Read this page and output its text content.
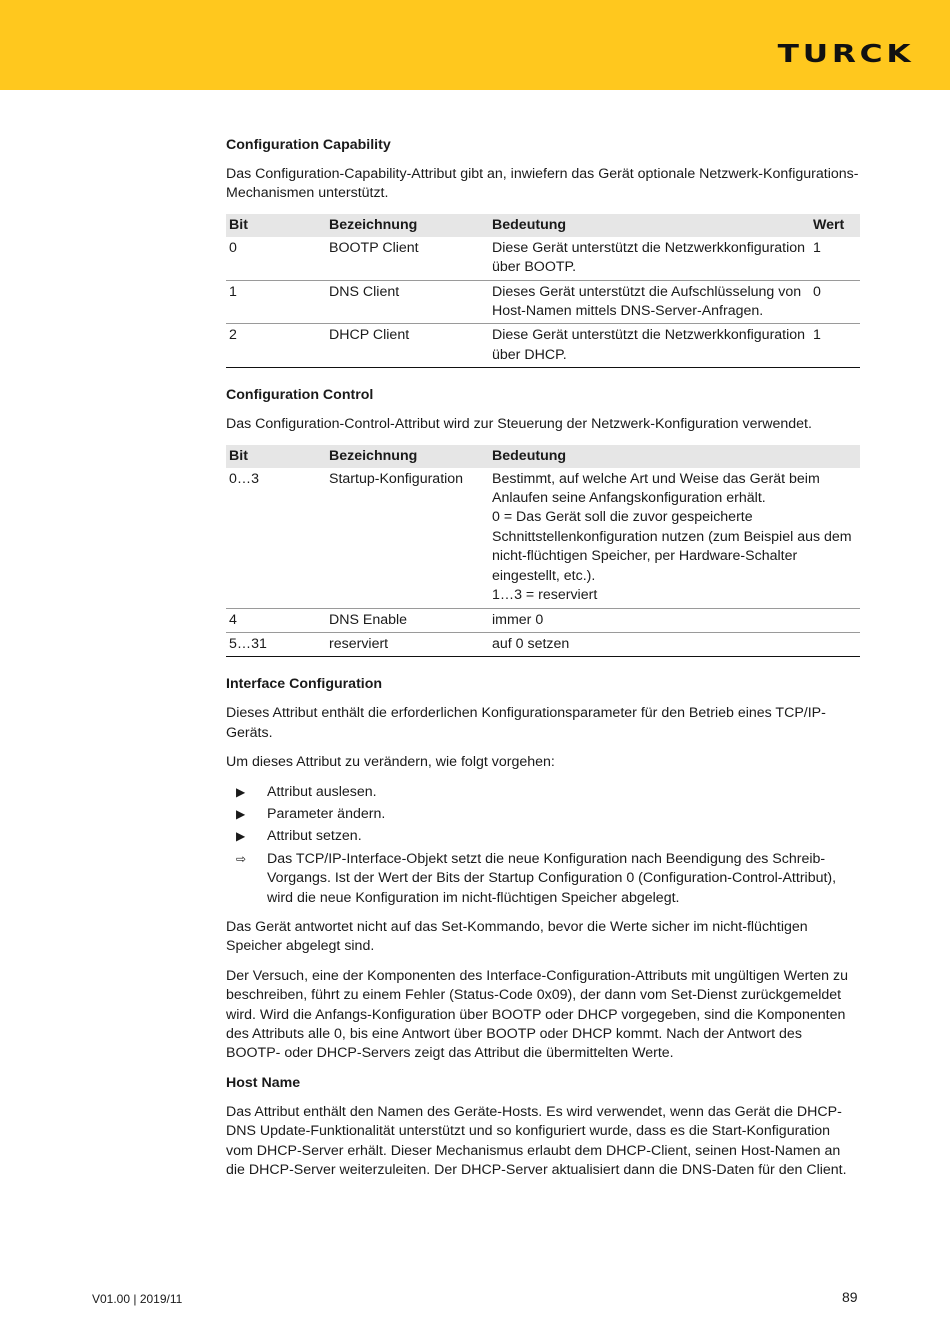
TURCK
Configuration Capability

Das Configuration-Capability-Attribut gibt an, inwiefern das Gerät optionale Netzwerk-Konfigurations-Mechanismen unterstützt.

Bit	Bezeichnung	Bedeutung	Wert
0	BOOTP Client	Diese Gerät unterstützt die Netzwerkkonfiguration über BOOTP.	1
1	DNS Client	Dieses Gerät unterstützt die Aufschlüsselung von Host-Namen mittels DNS-Server-Anfragen.	0
2	DHCP Client	Diese Gerät unterstützt die Netzwerkkonfiguration über DHCP.	1
Configuration Control

Das Configuration-Control-Attribut wird zur Steuerung der Netzwerk-Konfiguration verwendet.

Bit	Bezeichnung	Bedeutung
0…3	Startup-Konfiguration	Bestimmt, auf welche Art und Weise das Gerät beim Anlaufen seine Anfangskonfiguration erhält.
0 = Das Gerät soll die zuvor gespeicherte Schnittstellenkonfiguration nutzen (zum Beispiel aus dem nicht-flüchtigen Speicher, per Hardware-Schalter eingestellt, etc.).
1…3 = reserviert

4	DNS Enable	immer 0
5…31	reserviert	auf 0 setzen
Interface Configuration

Dieses Attribut enthält die erforderlichen Konfigurationsparameter für den Betrieb eines TCP/IP-Geräts.

Um dieses Attribut zu verändern, wie folgt vorgehen:

▶ Attribut auslesen.
▶ Parameter ändern.
▶ Attribut setzen.
⇨ Das TCP/IP-Interface-Objekt setzt die neue Konfiguration nach Beendigung des Schreib-Vorgangs. Ist der Wert der Bits der Startup Configuration 0 (Configuration-Control-Attribut), wird die neue Konfiguration im nicht-flüchtigen Speicher abgelegt.

Das Gerät antwortet nicht auf das Set-Kommando, bevor die Werte sicher im nicht-flüchtigen Speicher abgelegt sind.

Der Versuch, eine der Komponenten des Interface-Configuration-Attributs mit ungültigen Werten zu beschreiben, führt zu einem Fehler (Status-Code 0x09), der dann vom Set-Dienst zurückgemeldet wird. Wird die Anfangs-Konfiguration über BOOTP oder DHCP vorgegeben, sind die Komponenten des Attributs alle 0, bis eine Antwort über BOOTP oder DHCP kommt. Nach der Antwort des BOOTP- oder DHCP-Servers zeigt das Attribut die übermittelten Werte.

Host Name

Das Attribut enthält den Namen des Geräte-Hosts. Es wird verwendet, wenn das Gerät die DHCP-DNS Update-Funktionalität unterstützt und so konfiguriert wurde, dass es die Start-Konfiguration vom DHCP-Server erhält. Dieser Mechanismus erlaubt dem DHCP-Client, seinen Host-Namen an die DHCP-Server weiterzuleiten. Der DHCP-Server aktualisiert dann die DNS-Daten für den Client.

V01.00 | 2019/11	89
